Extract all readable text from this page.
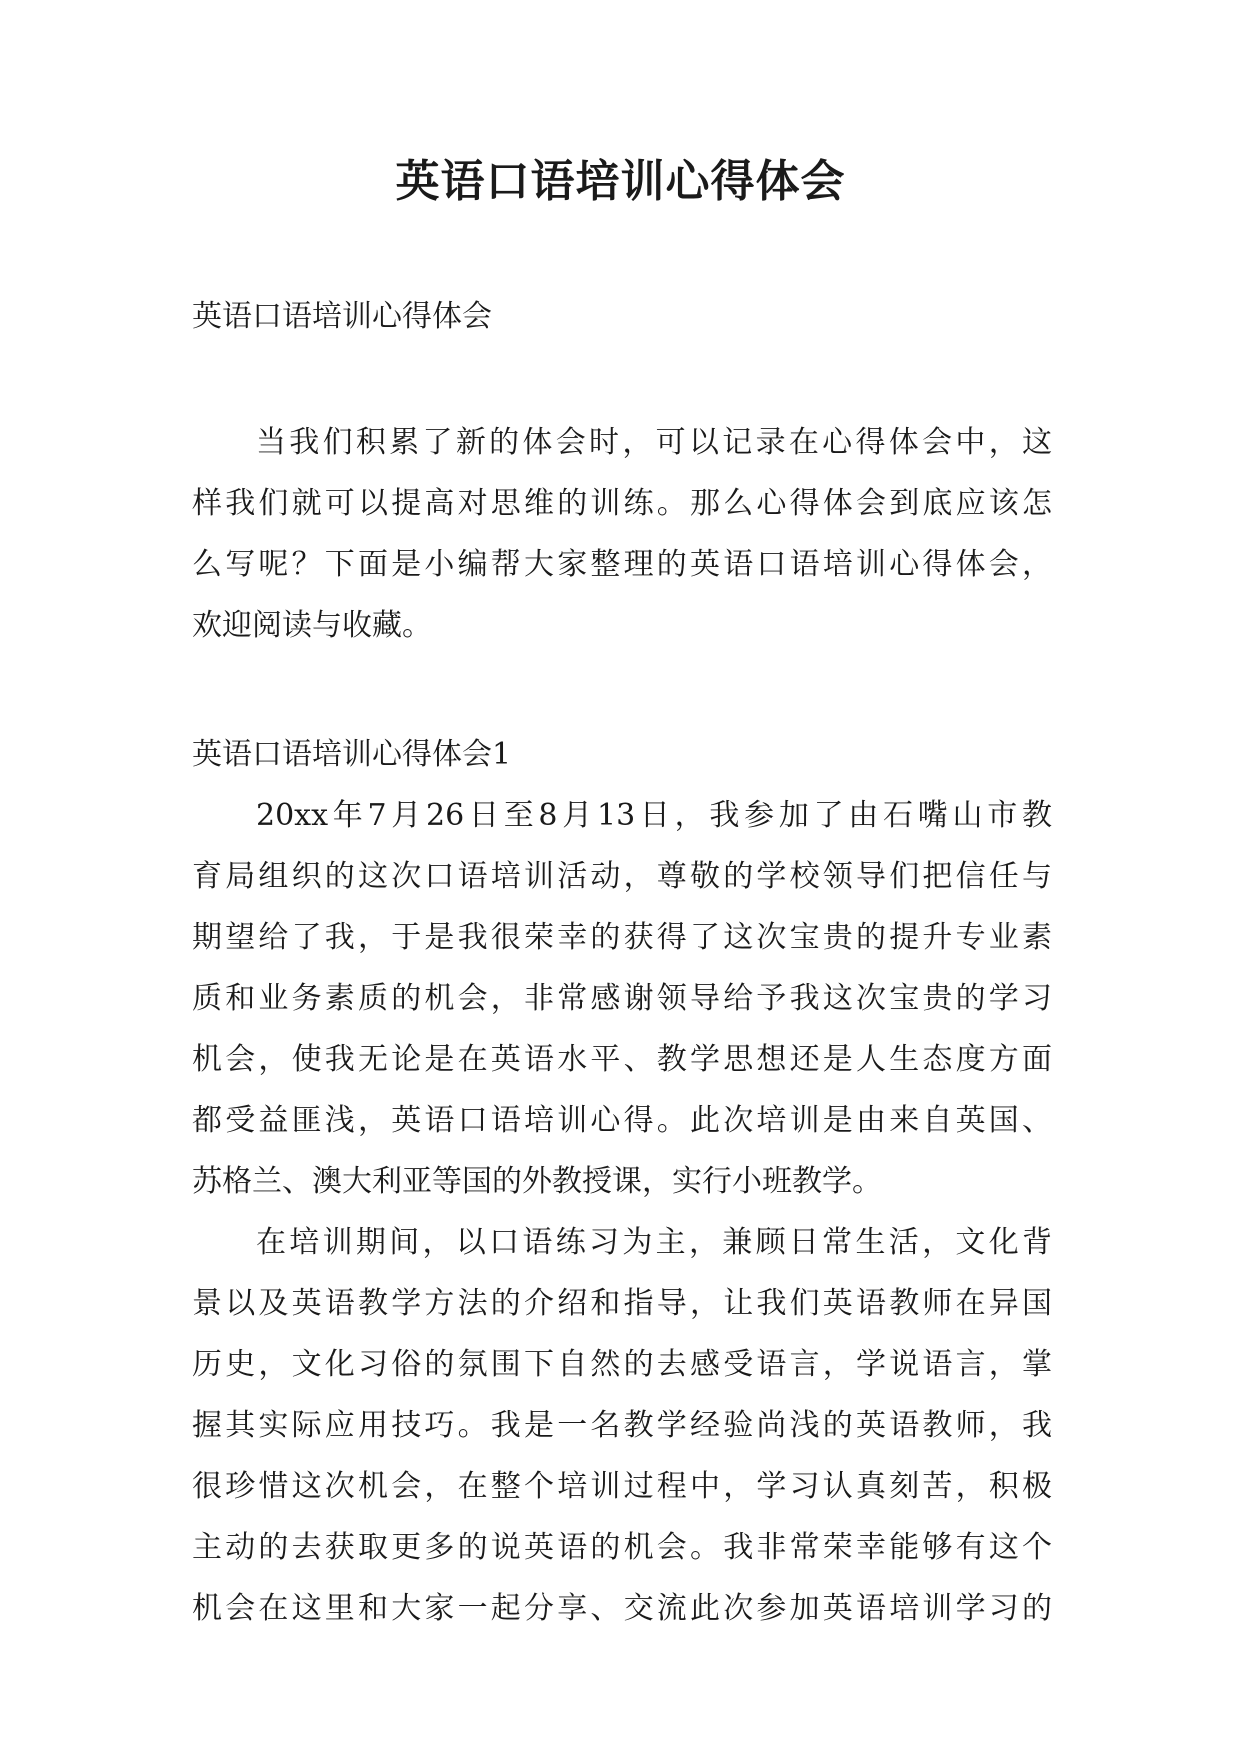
英语口语培训心得体会
英语口语培训心得体会
当我们积累了新的体会时，可以记录在心得体会中，这
样我们就可以提高对思维的训练。那么心得体会到底应该怎
么写呢？下面是小编帮大家整理的英语口语培训心得体会，
欢迎阅读与收藏。
英语口语培训心得体会1
20xx年7月26日至8月13日，我参加了由石嘴山市教
育局组织的这次口语培训活动，尊敬的学校领导们把信任与
期望给了我，于是我很荣幸的获得了这次宝贵的提升专业素
质和业务素质的机会，非常感谢领导给予我这次宝贵的学习
机会，使我无论是在英语水平、教学思想还是人生态度方面
都受益匪浅，英语口语培训心得。此次培训是由来自英国、
苏格兰、澳大利亚等国的外教授课，实行小班教学。
在培训期间，以口语练习为主，兼顾日常生活，文化背
景以及英语教学方法的介绍和指导，让我们英语教师在异国
历史，文化习俗的氛围下自然的去感受语言，学说语言，掌
握其实际应用技巧。我是一名教学经验尚浅的英语教师，我
很珍惜这次机会，在整个培训过程中，学习认真刻苦，积极
主动的去获取更多的说英语的机会。我非常荣幸能够有这个
机会在这里和大家一起分享、交流此次参加英语培训学习的
